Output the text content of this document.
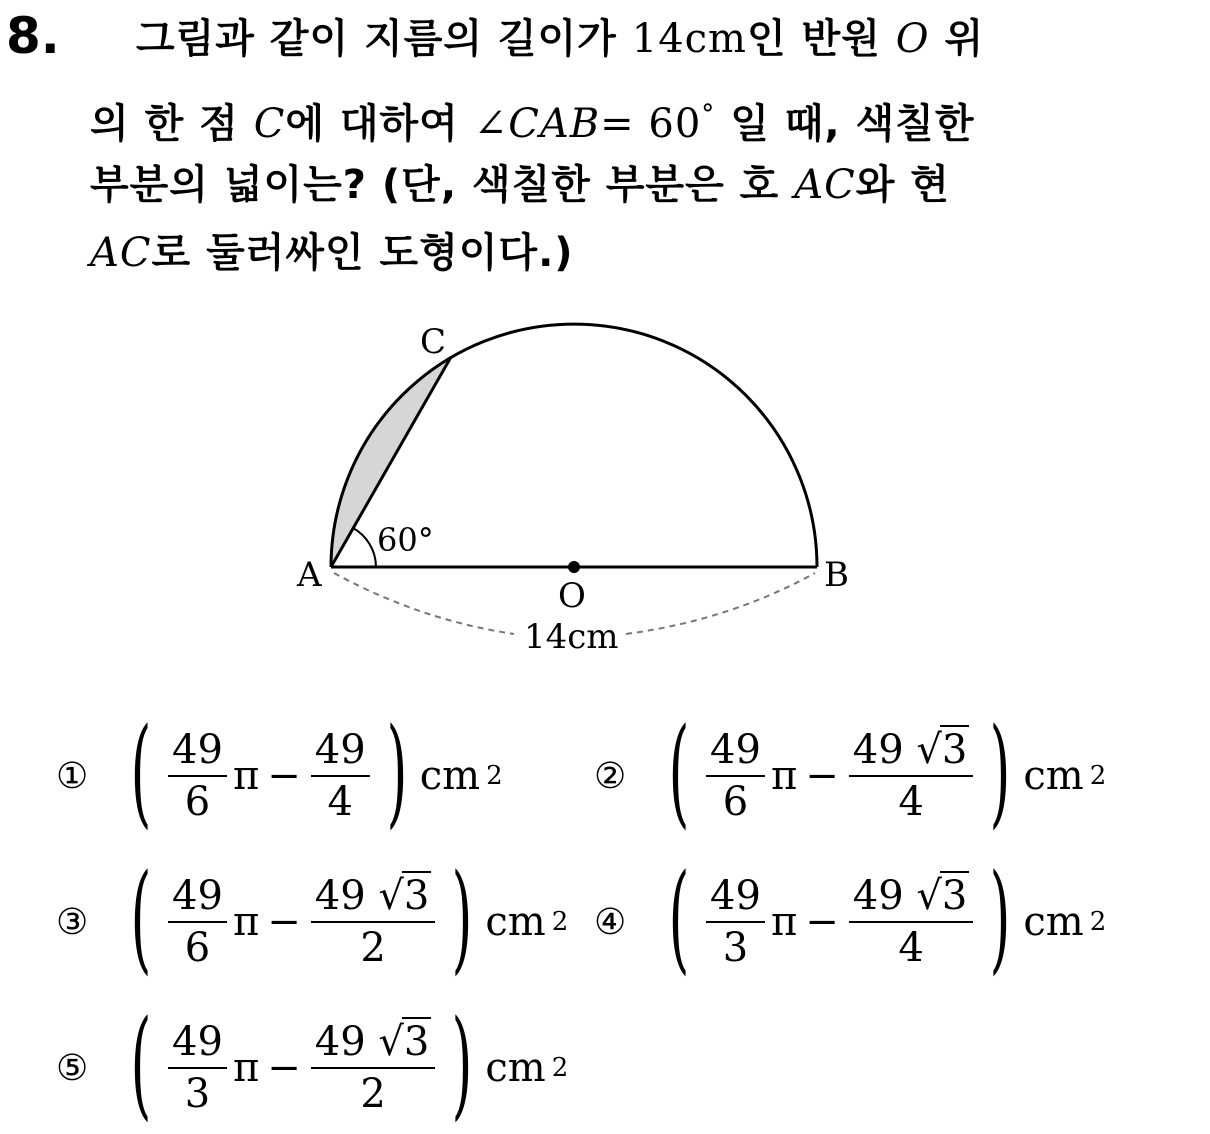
8. 그림과 같이 지름의 길이가 14cm인 반원 O 위
의 한 점 C에 대하여 ∠CAB= 60° 일 때, 색칠한
부분의 넓이는? (단, 색칠한 부분은 호 AC와 현
AC로 둘러싸인 도형이다.)
C
A	B
O
60°
14cm
① ( $\frac{49}{6}$ $\pi - \frac{49}{4}$ ) cm 2	② ( $\frac{49}{6}$ $\pi - \frac{49 √3}{4}$ ) cm 2
③ ( $\frac{49}{6}$ $\pi - \frac{49 √3}{2}$ ) cm 2 ④ ( $\frac{49}{3}$ $\pi - \frac{49 √3}{4}$ ) cm 2
⑤ ( $\frac{49}{3}$ $\pi - \frac{49 √3}{2}$ ) cm 2
